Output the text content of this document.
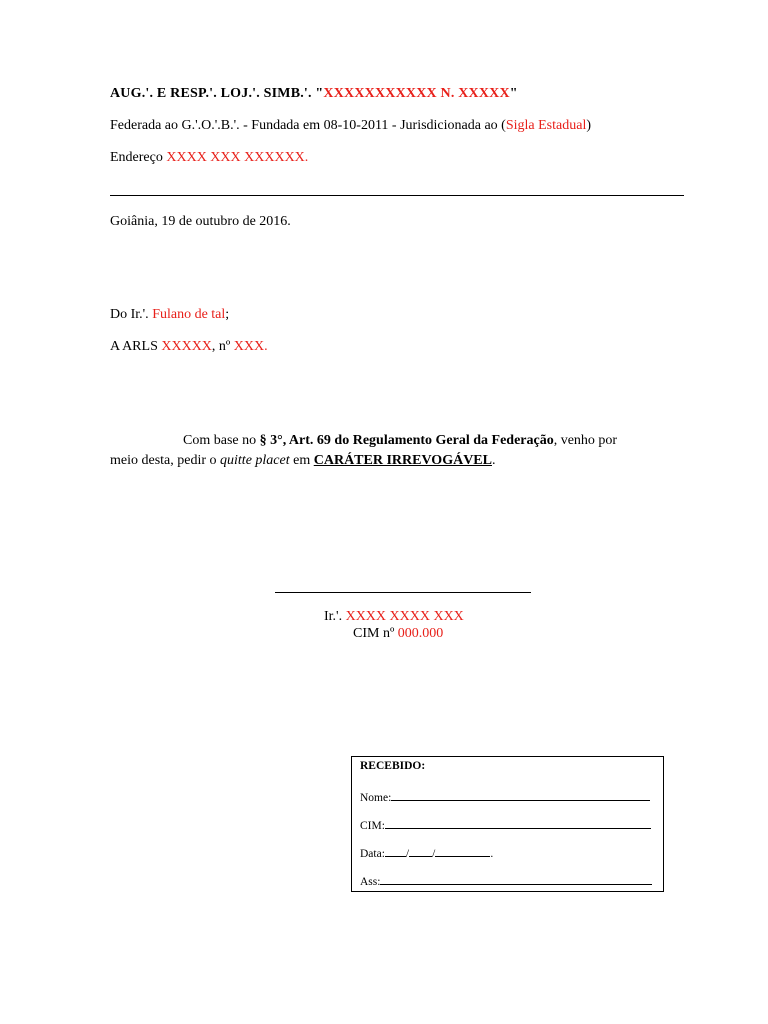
AUG.'. E RESP.'. LOJ.'. SIMB.'. "XXXXXXXXXXX N. XXXXX"
Federada ao G.'.O.'.B.'. - Fundada em 08-10-2011 - Jurisdicionada ao (Sigla Estadual)
Endereço XXXX XXX XXXXXX.
Goiânia, 19 de outubro de 2016.
Do Ir.'. Fulano de tal;
A ARLS XXXXX, nº XXX.
Com base no § 3°, Art. 69 do Regulamento Geral da Federação, venho por
meio desta, pedir o quitte placet em CARÁTER IRREVOGÁVEL.
Ir.'. XXXX XXXX XXX
CIM nº 000.000
RECEBIDO:
Nome:
CIM:
Data: / /	.
Ass:
